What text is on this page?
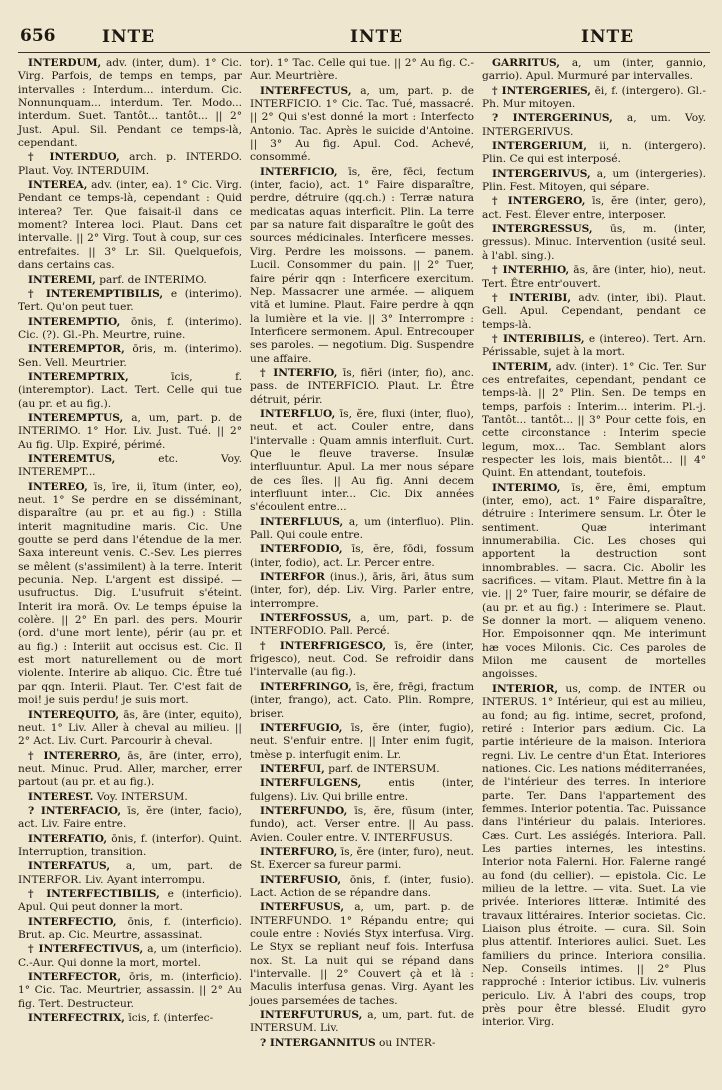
656	INTE	INTE	INTE

INTERDUM, adv. (inter, dum). 1° Cic. Virg. Parfois, de temps en temps, par intervalles : Interdum... interdum. Cic. Nonnunquam... interdum. Ter. Modo... interdum. Suet. Tantôt... tantôt... || 2° Just. Apul. Sil. Pendant ce temps-là, cependant.

† INTERDUO, arch. p. INTERDO. Plaut. Voy. INTERDUIM.

INTEREA, adv. (inter, ea). 1° Cic. Virg. Pendant ce temps-là, cependant : Quid interea? Ter. Que faisait-il dans ce moment? Interea loci. Plaut. Dans cet intervalle. || 2° Virg. Tout à coup, sur ces entrefaites. || 3° Lr. Sil. Quelquefois, dans certains cas.

INTEREMI, parf. de INTERIMO.

† INTEREMPTIBILIS, e (interimo). Tert. Qu'on peut tuer.

INTEREMPTIO, ōnis, f. (interimo). Cic. (?). Gl.-Ph. Meurtre, ruine.

INTEREMPTOR, ōris, m. (interimo). Sen. Vell. Meurtrier.

INTEREMPTRIX,	īcis, f. (interemptor). Lact. Tert. Celle qui tue (au pr. et au fig.).

INTEREMPTUS, a, um, part. p. de INTERIMO. 1° Hor. Liv. Just. Tué. || 2° Au fig. Ulp. Expiré, périmé.

INTEREMTUS,	etc. Voy. INTEREMPT...

INTEREO, īs, īre, ii, ītum (inter, eo), neut. 1° Se perdre en se disséminant, disparaître (au pr. et au fig.) : Stilla interit magnitudine maris. Cic. Une goutte se perd dans l'étendue de la mer. Saxa intereunt venis. C.-Sev. Les pierres se mêlent (s'assimilent) à la terre. Interit pecunia. Nep. L'argent est dissipé. — usufructus. Dig. L'usufruit s'éteint. Interit ira morā. Ov. Le temps épuise la colère. || 2° En parl. des pers. Mourir (ord. d'une mort lente), périr (au pr. et au fig.) : Interiit aut occisus est. Cic. Il est mort naturellement ou de mort violente. Interire ab aliquo. Cic. Être tué par qqn. Interii. Plaut. Ter. C'est fait de moi! je suis perdu! je suis mort.

INTEREQUITO, ās, āre (inter, equito), neut. 1° Liv. Aller à cheval au milieu. || 2° Act. Liv. Curt. Parcourir à cheval.

† INTERERRO, ās, āre (inter, erro), neut. Minuc. Prud. Aller, marcher, errer partout (au pr. et au fig.).

INTEREST. Voy. INTERSUM.

? INTERFACIO, īs, ĕre (inter, facio), act. Liv. Faire entre.

INTERFATIO, ōnis, f. (interfor). Quint. Interruption, transition.

INTERFATUS, a, um, part. de INTERFOR. Liv. Ayant interrompu.

† INTERFECTIBILIS, e (interficio). Apul. Qui peut donner la mort.

INTERFECTIO, ōnis, f. (interficio). Brut. ap. Cic. Meurtre, assassinat.

† INTERFECTIVUS, a, um (interficio). C.-Aur. Qui donne la mort, mortel.

INTERFECTOR, ōris, m. (interficio). 1° Cic. Tac. Meurtrier, assassin. || 2° Au fig. Tert. Destructeur.

INTERFECTRIX, īcis, f. (interfec-

tor). 1° Tac. Celle qui tue. || 2° Au fig. C.-Aur. Meurtrière.

INTERFECTUS, a, um, part. p. de INTERFICIO. 1° Cic. Tac. Tué, massacré. || 2° Qui s'est donné la mort : Interfecto Antonio. Tac. Après le suicide d'Antoine. || 3° Au fig. Apul. Cod. Achevé, consommé.

INTERFICIO, īs, ĕre, fēci, fectum (inter, facio), act. 1° Faire disparaître, perdre, détruire (qq.ch.) : Terræ natura medicatas aquas interficit. Plin. La terre par sa nature fait disparaître le goût des sources médicinales. Interficere messes. Virg. Perdre les moissons. — panem. Lucil. Consommer du pain. || 2° Tuer, faire périr qqn : Interficere exercitum. Nep. Massacrer une armée. — aliquem vitā et lumine. Plaut. Faire perdre à qqn la lumière et la vie. || 3° Interrompre : Interficere sermonem. Apul. Entrecouper ses paroles. — negotium. Dig. Suspendre une affaire.

† INTERFIO, īs, fiĕri (inter, fio), anc. pass. de INTERFICIO. Plaut. Lr. Être détruit, périr.

INTERFLUO, īs, ĕre, fluxi (inter, fluo), neut. et act. Couler entre, dans l'intervalle : Quam amnis interfluit. Curt. Que le fleuve traverse. Insulæ interfluuntur. Apul. La mer nous sépare de ces îles. || Au fig. Anni decem interfluunt inter... Cic. Dix années s'écoulent entre...

INTERFLUUS, a, um (interfluo). Plin. Pall. Qui coule entre.

INTERFODIO, īs, ĕre, fōdi, fossum (inter, fodio), act. Lr. Percer entre.

INTERFOR (inus.), āris, āri, ātus sum (inter, for), dép. Liv. Virg. Parler entre, interrompre.

INTERFOSSUS, a, um, part. p. de INTERFODIO. Pall. Percé.

† INTERFRIGESCO, īs, ĕre (inter, frigesco), neut. Cod. Se refroidir dans l'intervalle (au fig.).

INTERFRINGO, īs, ĕre, frēgi, fractum (inter, frango), act. Cato. Plin. Rompre, briser.

INTERFUGIO, īs, ĕre (inter, fugio), neut. S'enfuir entre. || Inter enim fugit, tmèse p. interfugit enim. Lr.

INTERFUI, parf. de INTERSUM.

INTERFULGENS,	entis (inter, fulgens). Liv. Qui brille entre.

INTERFUNDO, īs, ĕre, fūsum (inter, fundo), act. Verser entre. || Au pass. Avien. Couler entre. V. INTERFUSUS.

INTERFURO, īs, ĕre (inter, furo), neut. St. Exercer sa fureur parmi.

INTERFUSIO, ōnis, f. (inter, fusio). Lact. Action de se répandre dans.

INTERFUSUS, a, um, part. p. de INTERFUNDO. 1° Répandu entre; qui coule entre : Noviés Styx interfusa. Virg. Le Styx se repliant neuf fois. Interfusa nox. St. La nuit qui se répand dans l'intervalle. || 2° Couvert çà et là : Maculis interfusa genas. Virg. Ayant les joues parsemées de taches.

INTERFUTURUS, a, um, part. fut. de INTERSUM. Liv.

? INTERGANNITUS ou INTER-

GARRITUS, a, um (inter, gannio, garrio). Apul. Murmuré par intervalles.

† INTERGERIES, ēi, f. (intergero). Gl.-Ph. Mur mitoyen.

? INTERGERINUS, a, um. Voy. INTERGERIVUS.

INTERGERIUM, ii, n. (intergero). Plin. Ce qui est interposé.

INTERGERIVUS, a, um (intergeries). Plin. Fest. Mitoyen, qui sépare.

† INTERGERO, īs, ĕre (inter, gero), act. Fest. Élever entre, interposer.

INTERGRESSUS, ūs, m. (inter, gressus). Minuc. Intervention (usité seul. à l'abl. sing.).

† INTERHIO, ās, āre (inter, hio), neut. Tert. Être entr'ouvert.

† INTERIBI, adv. (inter, ibi). Plaut. Gell. Apul. Cependant, pendant ce temps-là.

† INTERIBILIS, e (intereo). Tert. Arn. Périssable, sujet à la mort.

INTERIM, adv. (inter). 1° Cic. Ter. Sur ces entrefaites, cependant, pendant ce temps-là. || 2° Plin. Sen. De temps en temps, parfois : Interim... interim. Pl.-j. Tantôt... tantôt... || 3° Pour cette fois, en cette circonstance : Interim specie legum, mox... Tac. Semblant alors respecter les lois, mais bientôt... || 4° Quint. En attendant, toutefois.

INTERIMO, īs, ĕre, ēmi, emptum (inter, emo), act. 1° Faire disparaître, détruire : Interimere sensum. Lr. Ôter le sentiment. Quæ interimant innumerabilia. Cic. Les choses qui apportent la destruction sont innombrables. — sacra. Cic. Abolir les sacrifices. — vitam. Plaut. Mettre fin à la vie. || 2° Tuer, faire mourir, se défaire de (au pr. et au fig.) : Interimere se. Plaut. Se donner la mort. — aliquem veneno. Hor. Empoisonner qqn. Me interimunt hæ voces Milonis. Cic. Ces paroles de Milon me causent de mortelles angoisses.

INTERIOR, us, comp. de INTER ou INTERUS. 1° Intérieur, qui est au milieu, au fond; au fig. intime, secret, profond, retiré : Interior pars ædium. Cic. La partie intérieure de la maison. Interiora regni. Liv. Le centre d'un État. Interiores nationes. Cic. Les nations méditerranées, de l'intérieur des terres. In interiore parte. Ter. Dans l'appartement des femmes. Interior potentia. Tac. Puissance dans l'intérieur du palais. Interiores. Cæs. Curt. Les assiégés. Interiora. Pall. Les parties internes, les intestins. Interior nota Falerni. Hor. Falerne rangé au fond (du cellier). — epistola. Cic. Le milieu de la lettre. — vita. Suet. La vie privée. Interiores litteræ. Intimité des travaux littéraires. Interior societas. Cic. Liaison plus étroite. — cura. Sil. Soin plus attentif. Interiores aulici. Suet. Les familiers du prince. Interiora consilia. Nep. Conseils intimes. || 2° Plus rapproché : Interior ictibus. Liv. vulneris periculo. Liv. À l'abri des coups, trop près pour être blessé. Eludit gyro interior. Virg.
